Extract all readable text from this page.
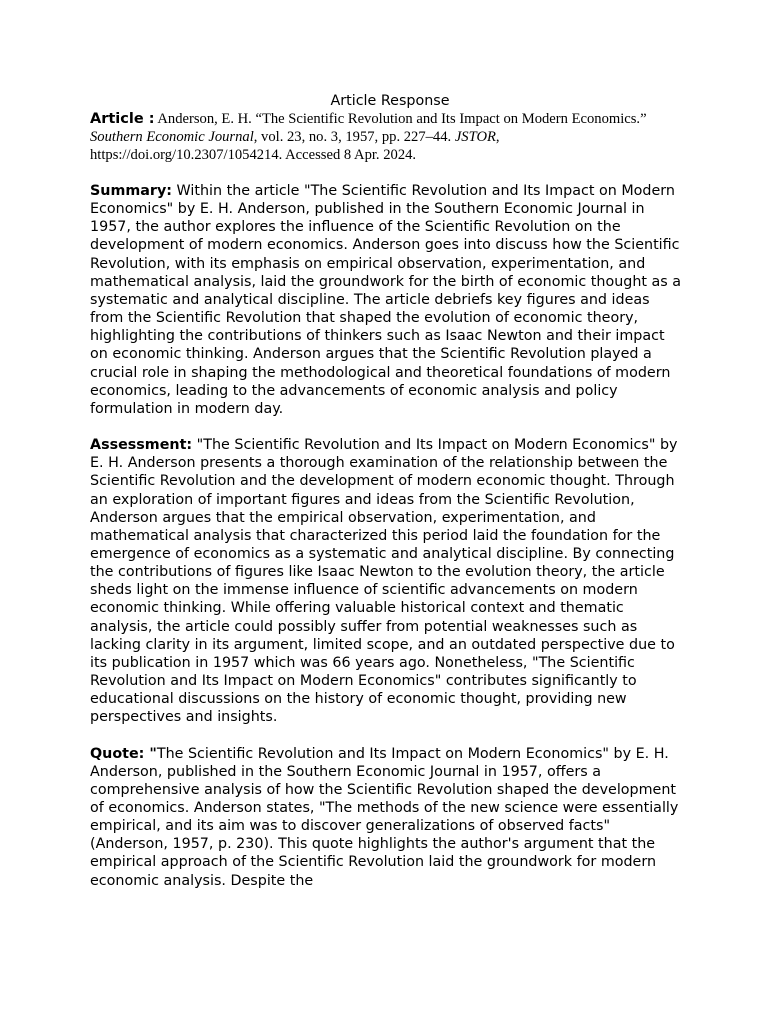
Article Response

Article : Anderson, E. H. “The Scientific Revolution and Its Impact on Modern Economics.” Southern Economic Journal, vol. 23, no. 3, 1957, pp. 227–44. JSTOR, https://doi.org/10.2307/1054214. Accessed 8 Apr. 2024.

Summary: Within the article "The Scientific Revolution and Its Impact on Modern Economics" by E. H. Anderson, published in the Southern Economic Journal in 1957, the author explores the influence of the Scientific Revolution on the development of modern economics. Anderson goes into discuss how the Scientific Revolution, with its emphasis on empirical observation, experimentation, and mathematical analysis, laid the groundwork for the birth of economic thought as a systematic and analytical discipline. The article debriefs key figures and ideas from the Scientific Revolution that shaped the evolution of economic theory, highlighting the contributions of thinkers such as Isaac Newton and their impact on economic thinking. Anderson argues that the Scientific Revolution played a crucial role in shaping the methodological and theoretical foundations of modern economics, leading to the advancements of economic analysis and policy formulation in modern day.

Assessment: "The Scientific Revolution and Its Impact on Modern Economics" by E. H. Anderson presents a thorough examination of the relationship between the Scientific Revolution and the development of modern economic thought. Through an exploration of important figures and ideas from the Scientific Revolution, Anderson argues that the empirical observation, experimentation, and mathematical analysis that characterized this period laid the foundation for the emergence of economics as a systematic and analytical discipline. By connecting the contributions of figures like Isaac Newton to the evolution theory, the article sheds light on the immense influence of scientific advancements on modern economic thinking. While offering valuable historical context and thematic analysis, the article could possibly suffer from potential weaknesses such as lacking clarity in its argument, limited scope, and an outdated perspective due to its publication in 1957 which was 66 years ago. Nonetheless, "The Scientific Revolution and Its Impact on Modern Economics" contributes significantly to educational discussions on the history of economic thought, providing new perspectives and insights.

Quote: "The Scientific Revolution and Its Impact on Modern Economics" by E. H. Anderson, published in the Southern Economic Journal in 1957, offers a comprehensive analysis of how the Scientific Revolution shaped the development of economics. Anderson states, "The methods of the new science were essentially empirical, and its aim was to discover generalizations of observed facts" (Anderson, 1957, p. 230). This quote highlights the author's argument that the empirical approach of the Scientific Revolution laid the groundwork for modern economic analysis. Despite the
